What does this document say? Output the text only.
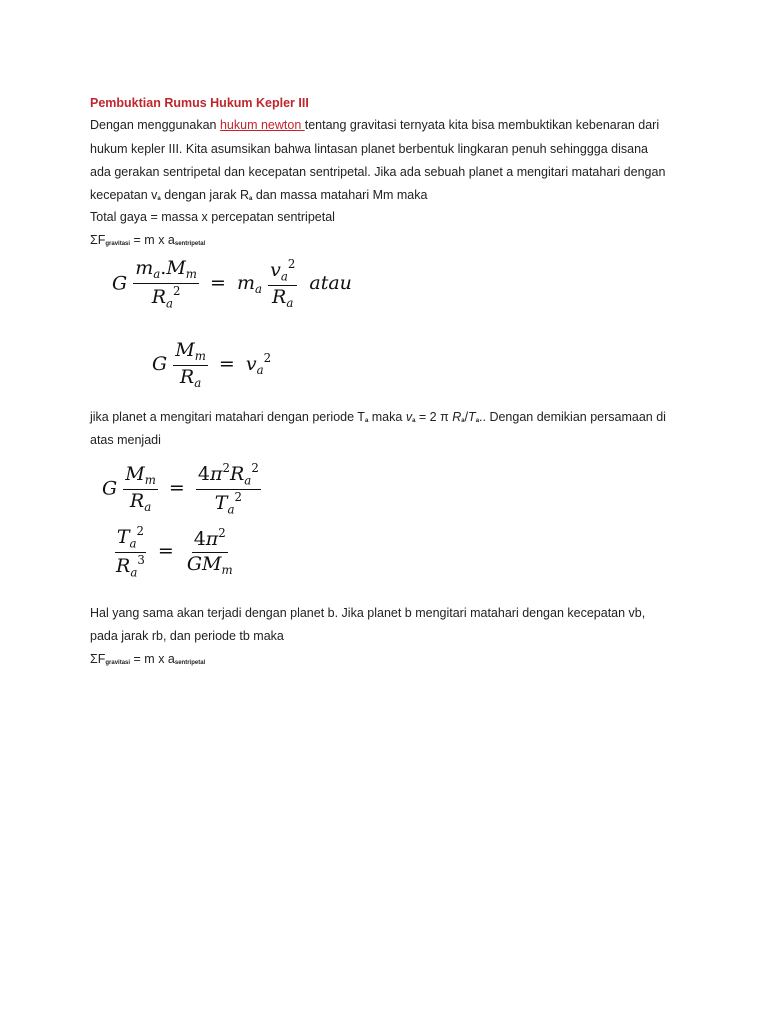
Pembuktian Rumus Hukum Kepler III
Dengan menggunakan hukum newton tentang gravitasi ternyata kita bisa membuktikan kebenaran dari
hukum kepler III. Kita asumsikan bahwa lintasan planet berbentuk lingkaran penuh sehinggga disana
ada gerakan sentripetal dan kecepatan sentripetal. Jika ada sebuah planet a mengitari matahari dengan
kecepatan $v_a$ dengan jarak $R_a$ dan massa matahari Mm maka
Total gaya = massa x percepatan sentripetal
$\Sigma F_{gravitasi} = m$ x $a_{sentripetal}$
G $\frac{m_a.M_m}{R_a^2} = m_a \frac{v_a^2}{R_a}$ atau
G $\frac{M_m}{R_a} = v_a^2$
jika planet a mengitari matahari dengan periode $T_a$ maka $v_a = 2$ π $R_a/T_a$.. Dengan demikian persamaan di
atas menjadi
G $\frac{M_m}{R_a} = \frac{4\pi^2R_a^2}{T_a^2}$
$\frac{T_a^2}{R_a^3} = \frac{4\pi^2}{GM_m}$
Hal yang sama akan terjadi dengan planet b. Jika planet b mengitari matahari dengan kecepatan vb,
pada jarak rb, dan periode tb maka
$\Sigma F_{gravitasi} = m$ x $a_{sentripetal}$
